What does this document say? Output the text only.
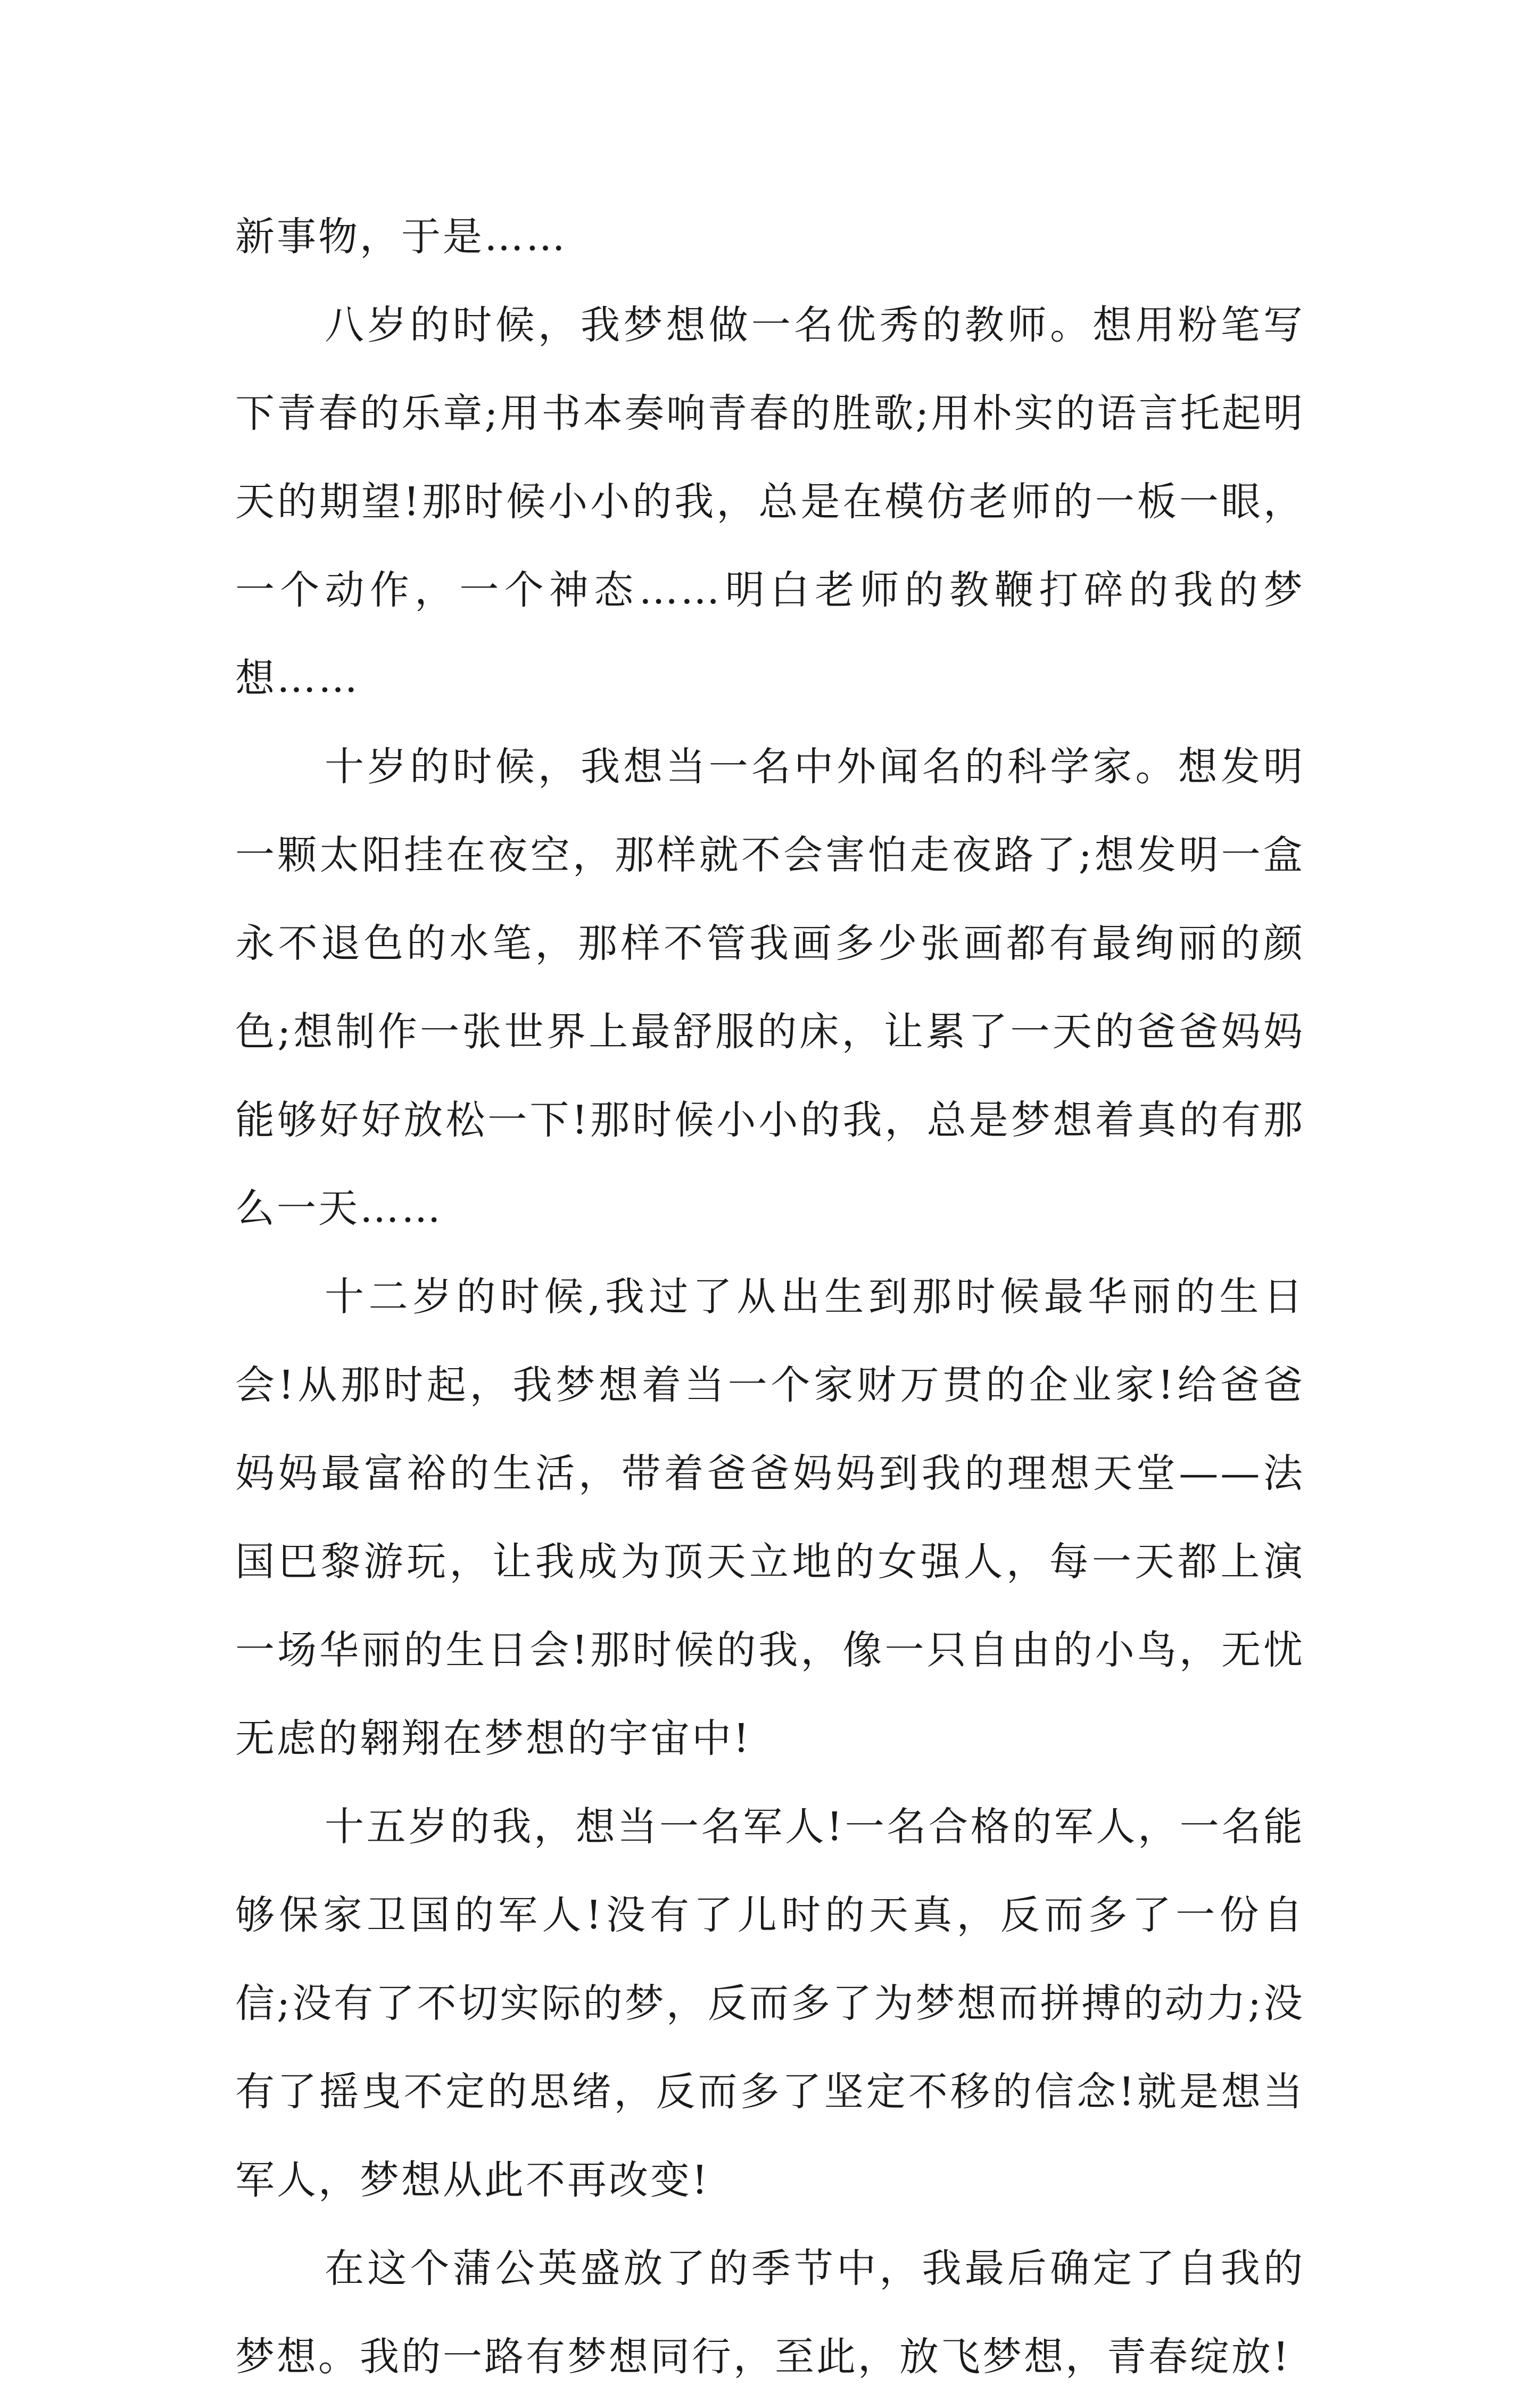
新事物，于是……

八岁的时候，我梦想做一名优秀的教师。想用粉笔写下青春的乐章;用书本奏响青春的胜歌;用朴实的语言托起明天的期望!那时候小小的我，总是在模仿老师的一板一眼，一个动作，一个神态……明白老师的教鞭打碎的我的梦想……

十岁的时候，我想当一名中外闻名的科学家。想发明一颗太阳挂在夜空，那样就不会害怕走夜路了;想发明一盒永不退色的水笔，那样不管我画多少张画都有最绚丽的颜色;想制作一张世界上最舒服的床，让累了一天的爸爸妈妈能够好好放松一下!那时候小小的我，总是梦想着真的有那么一天……

十二岁的时候,我过了从出生到那时候最华丽的生日会!从那时起，我梦想着当一个家财万贯的企业家!给爸爸妈妈最富裕的生活，带着爸爸妈妈到我的理想天堂——法国巴黎游玩，让我成为顶天立地的女强人，每一天都上演一场华丽的生日会!那时候的我，像一只自由的小鸟，无忧无虑的翱翔在梦想的宇宙中!

十五岁的我，想当一名军人!一名合格的军人，一名能够保家卫国的军人!没有了儿时的天真，反而多了一份自信;没有了不切实际的梦，反而多了为梦想而拼搏的动力;没有了摇曳不定的思绪，反而多了坚定不移的信念!就是想当军人，梦想从此不再改变!

在这个蒲公英盛放了的季节中，我最后确定了自我的梦想。我的一路有梦想同行，至此，放飞梦想，青春绽放!
